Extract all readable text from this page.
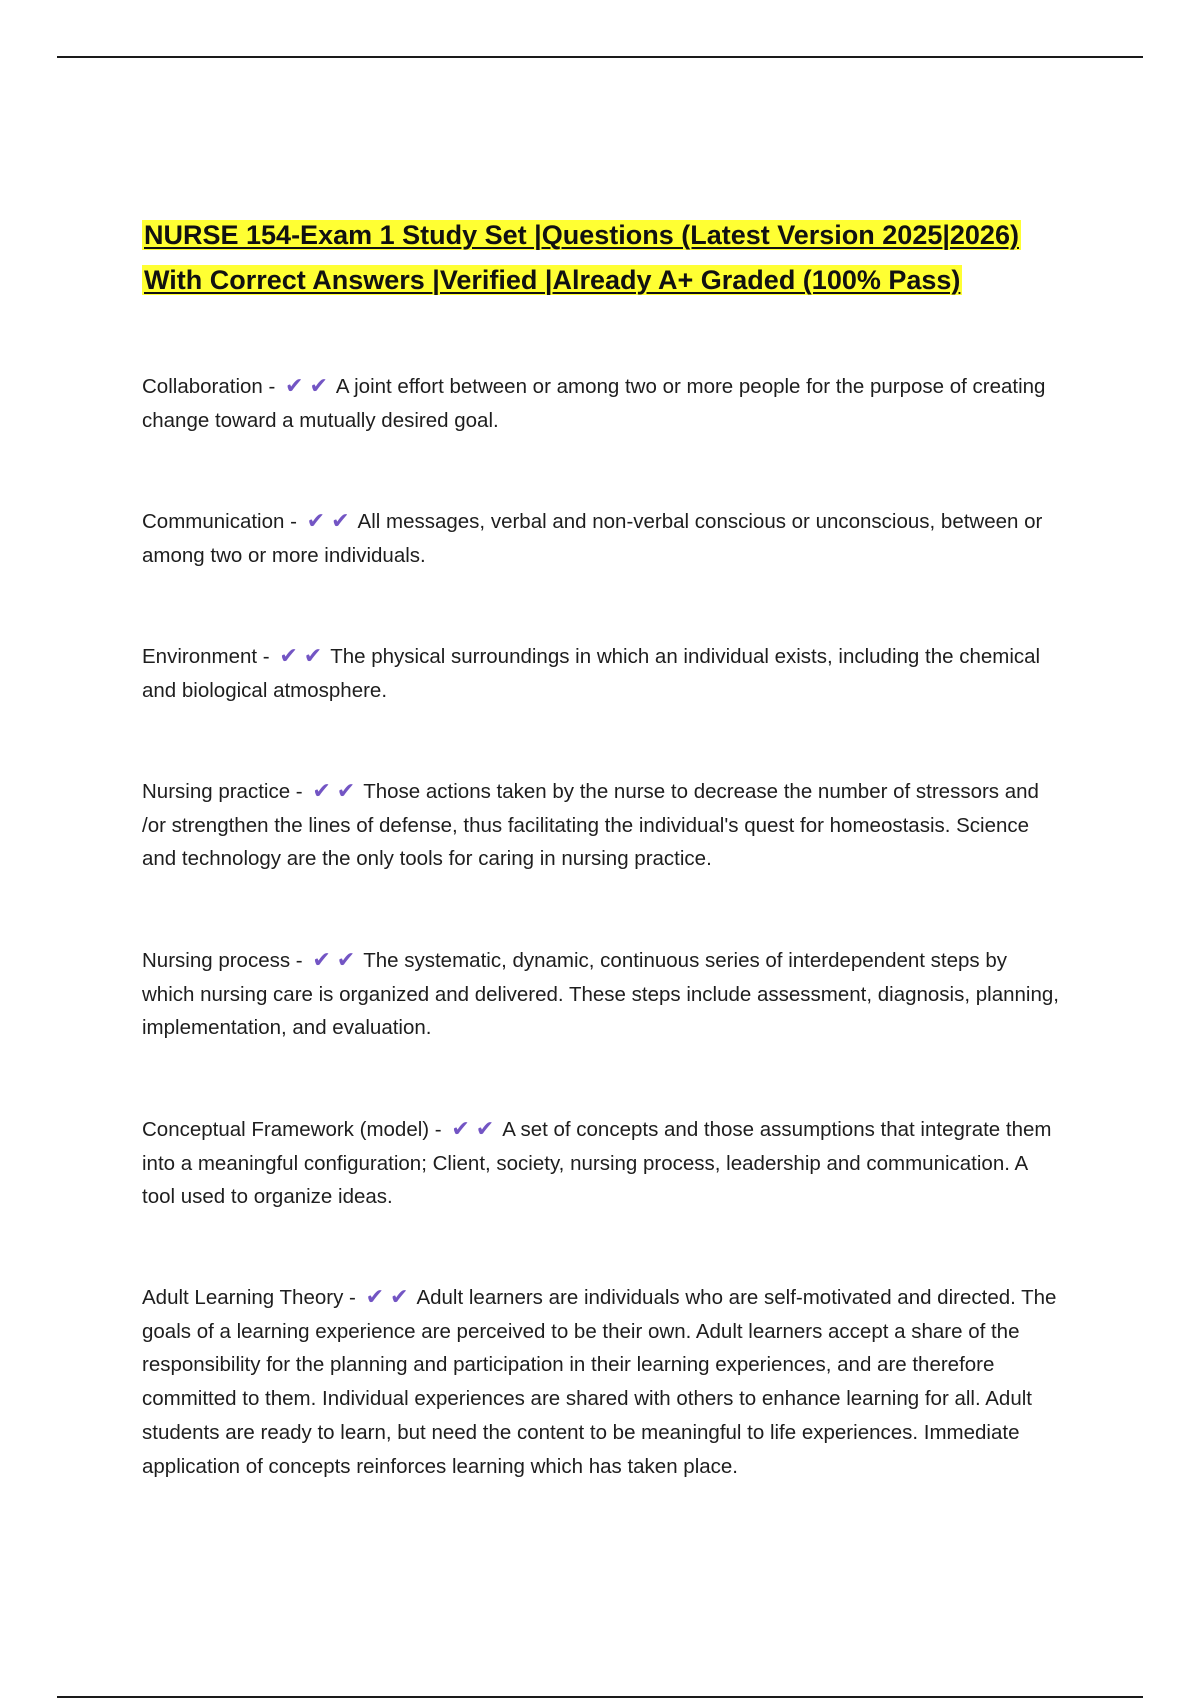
NURSE 154-Exam 1 Study Set |Questions (Latest Version 2025|2026)
With Correct Answers |Verified |Already A+ Graded (100% Pass)

Collaboration - ✔✔A joint effort between or among two or more people for the purpose of creating change toward a mutually desired goal.

Communication - ✔✔All messages, verbal and non-verbal conscious or unconscious, between or among two or more individuals.

Environment - ✔✔The physical surroundings in which an individual exists, including the chemical and biological atmosphere.

Nursing practice - ✔✔Those actions taken by the nurse to decrease the number of stressors and /or strengthen the lines of defense, thus facilitating the individual's quest for homeostasis. Science and technology are the only tools for caring in nursing practice.

Nursing process - ✔✔The systematic, dynamic, continuous series of interdependent steps by which nursing care is organized and delivered. These steps include assessment, diagnosis, planning, implementation, and evaluation.

Conceptual Framework (model) - ✔✔A set of concepts and those assumptions that integrate them into a meaningful configuration; Client, society, nursing process, leadership and communication. A tool used to organize ideas.

Adult Learning Theory - ✔✔Adult learners are individuals who are self-motivated and directed. The goals of a learning experience are perceived to be their own. Adult learners accept a share of the responsibility for the planning and participation in their learning experiences, and are therefore committed to them. Individual experiences are shared with others to enhance learning for all. Adult students are ready to learn, but need the content to be meaningful to life experiences. Immediate application of concepts reinforces learning which has taken place.
